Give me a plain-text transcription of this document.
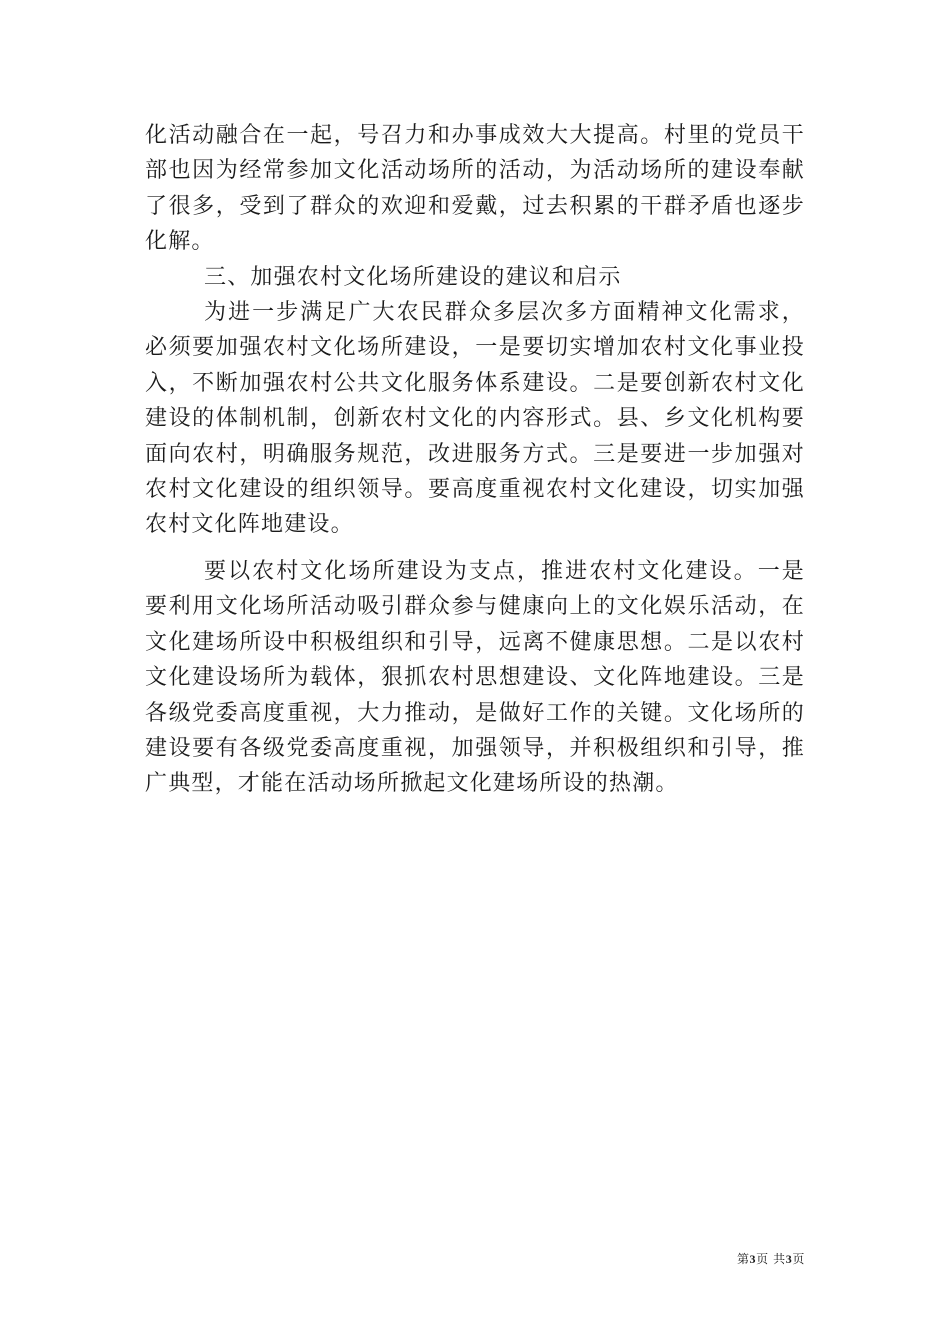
化活动融合在一起，号召力和办事成效大大提高。村里的党员干部也因为经常参加文化活动场所的活动，为活动场所的建设奉献了很多，受到了群众的欢迎和爱戴，过去积累的干群矛盾也逐步化解。

三、加强农村文化场所建设的建议和启示

为进一步满足广大农民群众多层次多方面精神文化需求，必须要加强农村文化场所建设，一是要切实增加农村文化事业投入，不断加强农村公共文化服务体系建设。二是要创新农村文化建设的体制机制，创新农村文化的内容形式。县、乡文化机构要面向农村，明确服务规范，改进服务方式。三是要进一步加强对农村文化建设的组织领导。要高度重视农村文化建设，切实加强农村文化阵地建设。

要以农村文化场所建设为支点，推进农村文化建设。一是要利用文化场所活动吸引群众参与健康向上的文化娱乐活动，在文化建场所设中积极组织和引导，远离不健康思想。二是以农村文化建设场所为载体，狠抓农村思想建设、文化阵地建设。三是各级党委高度重视，大力推动，是做好工作的关键。文化场所的建设要有各级党委高度重视，加强领导，并积极组织和引导，推广典型，才能在活动场所掀起文化建场所设的热潮。

第3页 共3页
